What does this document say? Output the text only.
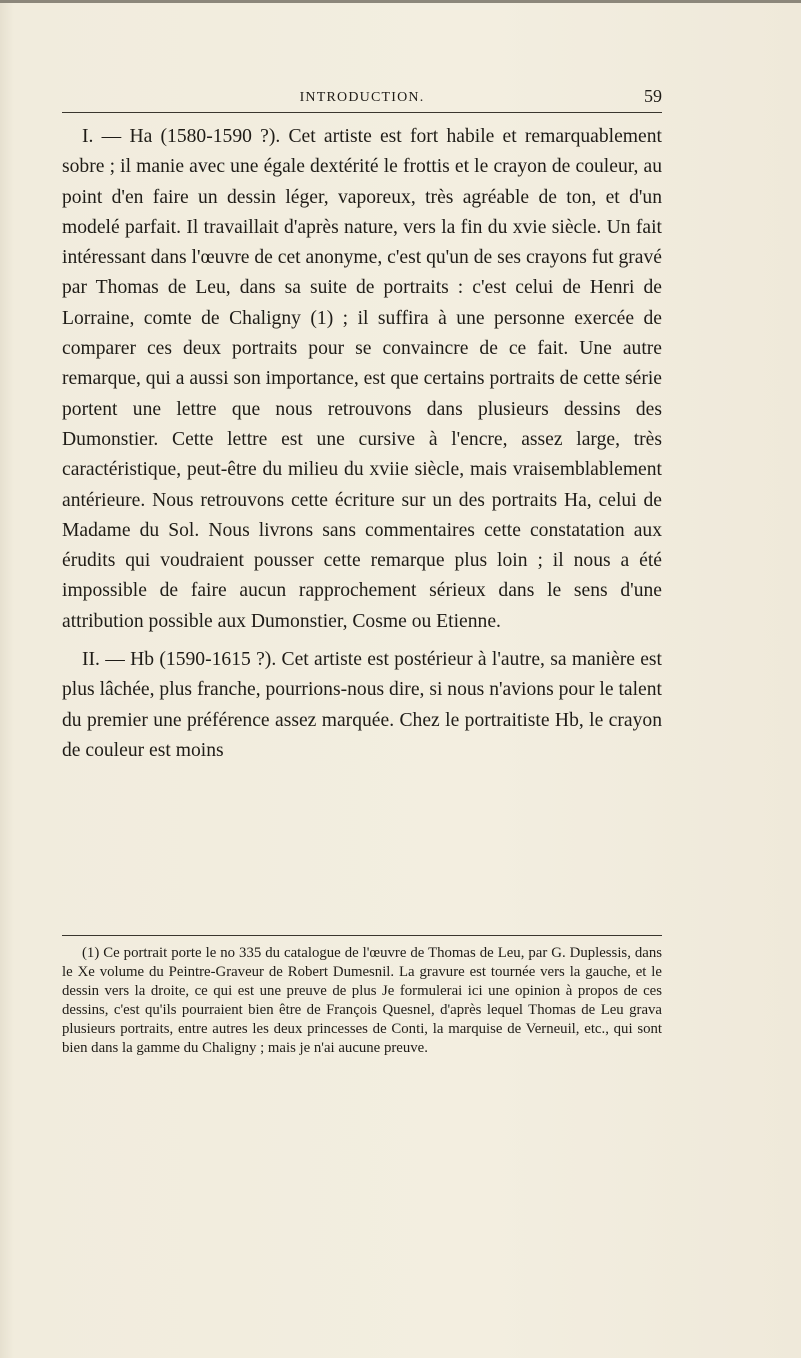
INTRODUCTION.	59

I. — Ha (1580-1590 ?). Cet artiste est fort habile et remarquablement sobre ; il manie avec une égale dextérité le frottis et le crayon de couleur, au point d'en faire un dessin léger, vaporeux, très agréable de ton, et d'un modelé parfait. Il travaillait d'après nature, vers la fin du xvie siècle. Un fait intéressant dans l'œuvre de cet anonyme, c'est qu'un de ses crayons fut gravé par Thomas de Leu, dans sa suite de portraits : c'est celui de Henri de Lorraine, comte de Chaligny (1) ; il suffira à une personne exercée de comparer ces deux portraits pour se convaincre de ce fait. Une autre remarque, qui a aussi son importance, est que certains portraits de cette série portent une lettre que nous retrouvons dans plusieurs dessins des Dumonstier. Cette lettre est une cursive à l'encre, assez large, très caractéristique, peut-être du milieu du xviie siècle, mais vraisemblablement antérieure. Nous retrouvons cette écriture sur un des portraits Ha, celui de Madame du Sol. Nous livrons sans commentaires cette constatation aux érudits qui voudraient pousser cette remarque plus loin ; il nous a été impossible de faire aucun rapprochement sérieux dans le sens d'une attribution possible aux Dumonstier, Cosme ou Etienne.

II. — Hb (1590-1615 ?). Cet artiste est postérieur à l'autre, sa manière est plus lâchée, plus franche, pourrions-nous dire, si nous n'avions pour le talent du premier une préférence assez marquée. Chez le portraitiste Hb, le crayon de couleur est moins

(1) Ce portrait porte le no 335 du catalogue de l'œuvre de Thomas de Leu, par G. Duplessis, dans le Xe volume du Peintre-Graveur de Robert Dumesnil. La gravure est tournée vers la gauche, et le dessin vers la droite, ce qui est une preuve de plus Je formulerai ici une opinion à propos de ces dessins, c'est qu'ils pourraient bien être de François Quesnel, d'après lequel Thomas de Leu grava plusieurs portraits, entre autres les deux princesses de Conti, la marquise de Verneuil, etc., qui sont bien dans la gamme du Chaligny ; mais je n'ai aucune preuve.
